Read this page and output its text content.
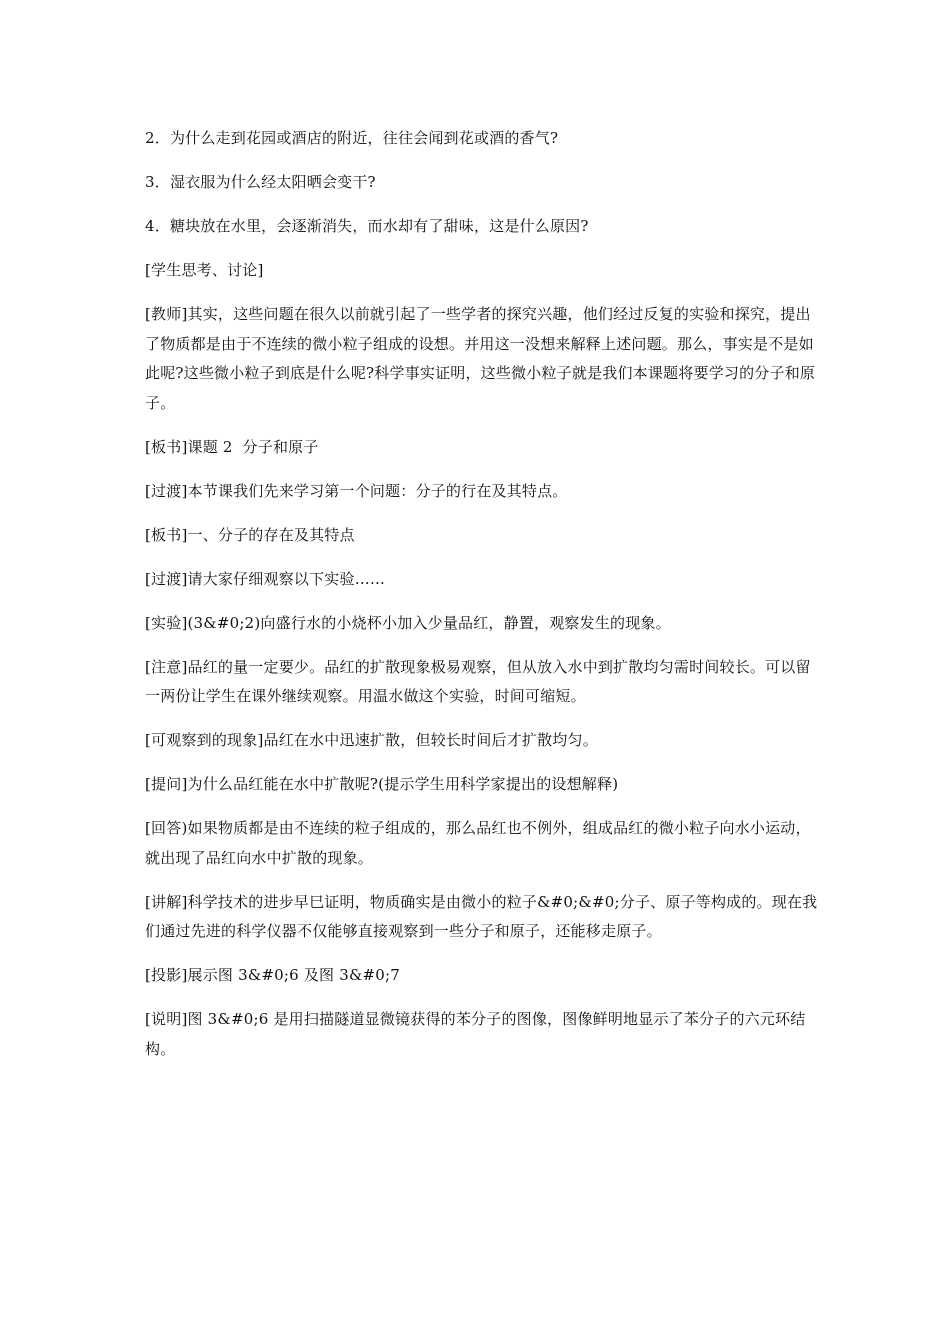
2．为什么走到花园或酒店的附近，往往会闻到花或酒的香气?

3．湿衣服为什么经太阳晒会变干?

4．糖块放在水里，会逐渐消失，而水却有了甜味，这是什么原因?

[学生思考、讨论]

[教师]其实，这些问题在很久以前就引起了一些学者的探究兴趣，他们经过反复的实验和探究，提出了物质都是由于不连续的微小粒子组成的设想。并用这一没想来解释上述问题。那么，事实是不是如此呢?这些微小粒子到底是什么呢?科学事实证明，这些微小粒子就是我们本课题将要学习的分子和原子。

[板书]课题 2  分子和原子

[过渡]本节课我们先来学习第一个问题：分子的行在及其特点。

[板书]一、分子的存在及其特点

[过渡]请大家仔细观察以下实验……

[实验](3&#0;2)向盛行水的小烧杯小加入少量品红，静置，观察发生的现象。

[注意]品红的量一定要少。品红的扩散现象极易观察，但从放入水中到扩散均匀需时间较长。可以留一两份让学生在课外继续观察。用温水做这个实验，时间可缩短。

[可观察到的现象]品红在水中迅速扩散，但较长时间后才扩散均匀。

[提问]为什么品红能在水中扩散呢?(提示学生用科学家提出的设想解释)

[回答)如果物质都是由不连续的粒子组成的，那么品红也不例外，组成品红的微小粒子向水小运动，就出现了品红向水中扩散的现象。

[讲解]科学技术的进步早巳证明，物质确实是由微小的粒子&#0;&#0;分子、原子等构成的。现在我们通过先进的科学仪器不仅能够直接观察到一些分子和原子，还能移走原子。

[投影]展示图 3&#0;6 及图 3&#0;7

[说明]图 3&#0;6 是用扫描隧道显微镜获得的苯分子的图像，图像鲜明地显示了苯分子的六元环结构。
